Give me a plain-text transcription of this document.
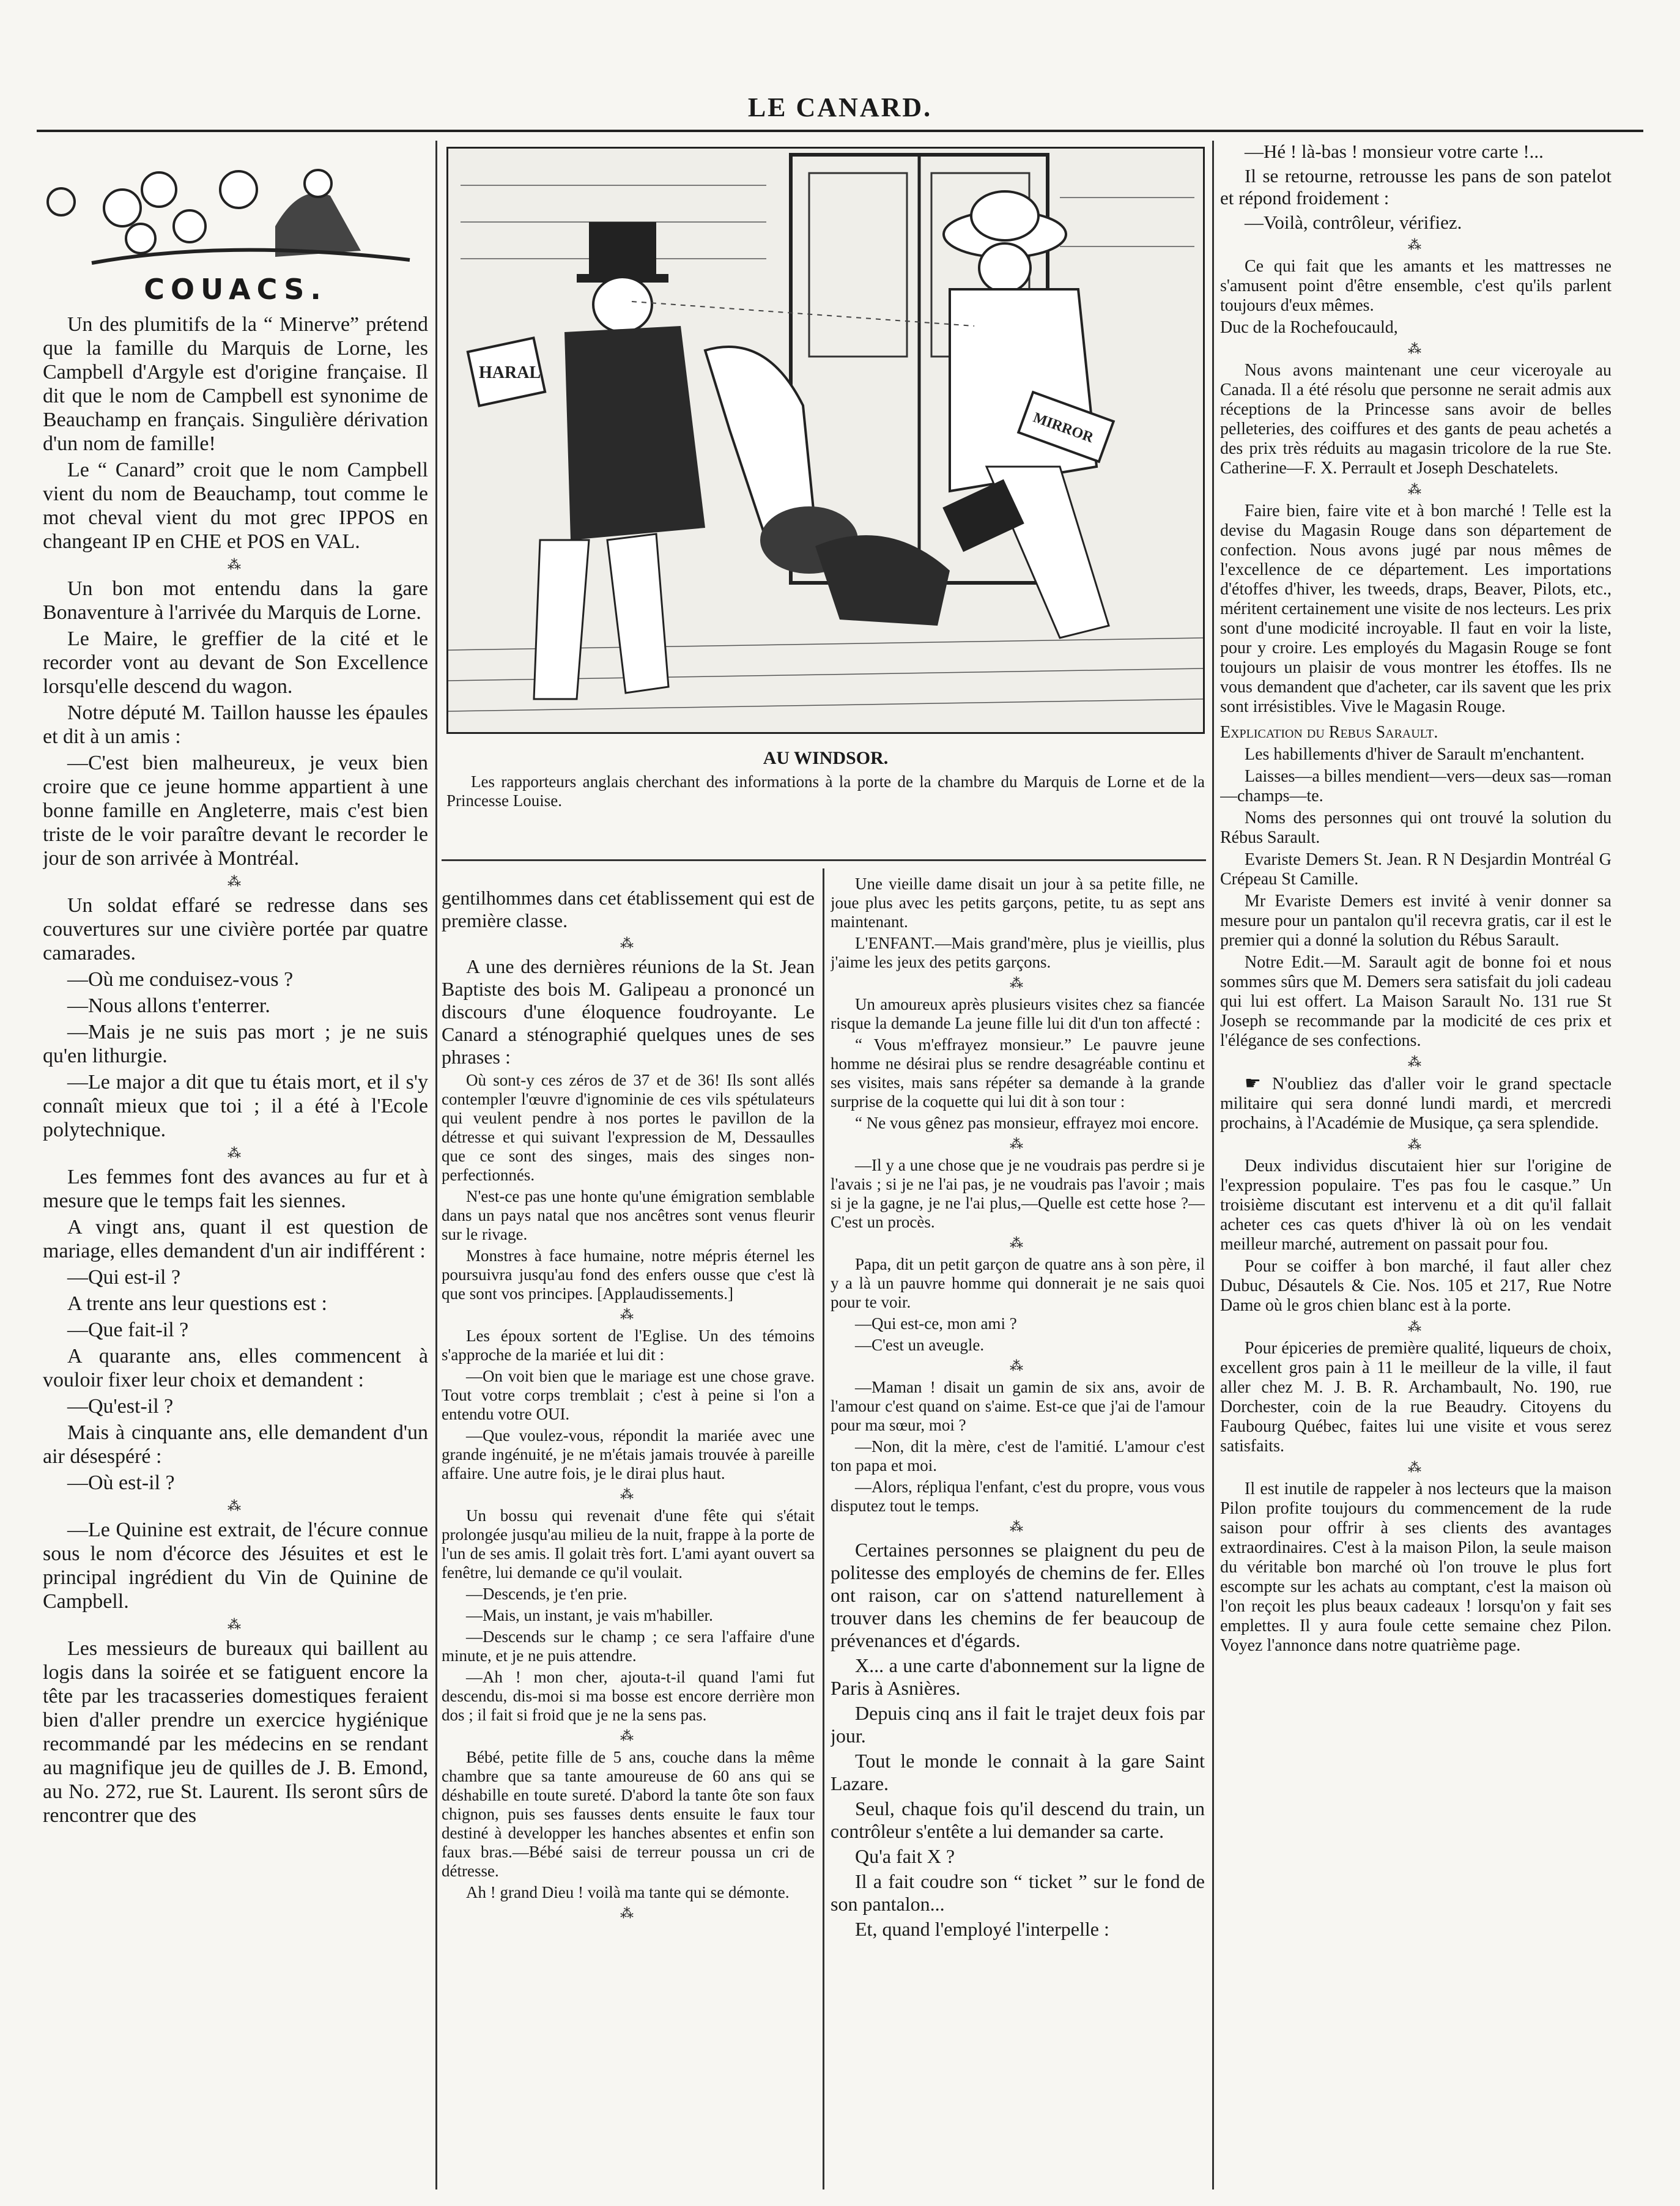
LE CANARD.
HARAL
MIRROR
AU WINDSOR.

Les rapporteurs anglais cherchant des informations à la porte de la chambre du Marquis de Lorne et de la Princesse Louise.

COUACS.

Un des plumitifs de la “ Minerve” prétend que la famille du Marquis de Lorne, les Campbell d'Argyle est d'origine française. Il dit que le nom de Campbell est synonime de Beauchamp en français. Singulière dérivation d'un nom de famille!

Le “ Canard” croit que le nom Campbell vient du nom de Beauchamp, tout comme le mot cheval vient du mot grec IPPOS en changeant IP en CHE et POS en VAL.

⁂

Un bon mot entendu dans la gare Bonaventure à l'arrivée du Marquis de Lorne.

Le Maire, le greffier de la cité et le recorder vont au devant de Son Excellence lorsqu'elle descend du wagon.

Notre député M. Taillon hausse les épaules et dit à un amis :

—C'est bien malheureux, je veux bien croire que ce jeune homme appartient à une bonne famille en Angleterre, mais c'est bien triste de le voir paraître devant le recorder le jour de son arrivée à Montréal.

⁂

Un soldat effaré se redresse dans ses couvertures sur une civière portée par quatre camarades.

—Où me conduisez-vous ?

—Nous allons t'enterrer.

—Mais je ne suis pas mort ; je ne suis qu'en lithurgie.

—Le major a dit que tu étais mort, et il s'y connaît mieux que toi ; il a été à l'Ecole polytechnique.

⁂

Les femmes font des avances au fur et à mesure que le temps fait les siennes.

A vingt ans, quant il est question de mariage, elles demandent d'un air indifférent :

—Qui est-il ?

A trente ans leur questions est :

—Que fait-il ?

A quarante ans, elles commencent à vouloir fixer leur choix et demandent :

—Qu'est-il ?

Mais à cinquante ans, elle demandent d'un air désespéré :

—Où est-il ?

⁂

—Le Quinine est extrait, de l'écure connue sous le nom d'écorce des Jésuites et est le principal ingrédient du Vin de Quinine de Campbell.

⁂

Les messieurs de bureaux qui baillent au logis dans la soirée et se fatiguent encore la tête par les tracasseries domestiques feraient bien d'aller prendre un exercice hygiénique recommandé par les médecins en se rendant au magnifique jeu de quilles de J. B. Emond, au No. 272, rue St. Laurent. Ils seront sûrs de rencontrer que des

gentilhommes dans cet établissement qui est de première classe.

⁂

A une des dernières réunions de la St. Jean Baptiste des bois M. Galipeau a prononcé un discours d'une éloquence foudroyante. Le Canard a sténographié quelques unes de ses phrases :

Où sont-y ces zéros de 37 et de 36! Ils sont allés contempler l'œuvre d'ignominie de ces vils spétulateurs qui veulent pendre à nos portes le pavillon de la détresse et qui suivant l'expression de M, Dessaulles que ce sont des singes, mais des singes non-perfectionnés.

N'est-ce pas une honte qu'une émigration semblable dans un pays natal que nos ancêtres sont venus fleurir sur le rivage.

Monstres à face humaine, notre mépris éternel les poursuivra jusqu'au fond des enfers ousse que c'est là que sont vos principes. [Applaudissements.]

⁂

Les époux sortent de l'Eglise. Un des témoins s'approche de la mariée et lui dit :

—On voit bien que le mariage est une chose grave. Tout votre corps tremblait ; c'est à peine si l'on a entendu votre OUI.

—Que voulez-vous, répondit la mariée avec une grande ingénuité, je ne m'étais jamais trouvée à pareille affaire. Une autre fois, je le dirai plus haut.

⁂

Un bossu qui revenait d'une fête qui s'était prolongée jusqu'au milieu de la nuit, frappe à la porte de l'un de ses amis. Il golait très fort. L'ami ayant ouvert sa fenêtre, lui demande ce qu'il voulait.

—Descends, je t'en prie.

—Mais, un instant, je vais m'habiller.

—Descends sur le champ ; ce sera l'affaire d'une minute, et je ne puis attendre.

—Ah ! mon cher, ajouta-t-il quand l'ami fut descendu, dis-moi si ma bosse est encore derrière mon dos ; il fait si froid que je ne la sens pas.

⁂

Bébé, petite fille de 5 ans, couche dans la même chambre que sa tante amoureuse de 60 ans qui se déshabille en toute sureté. D'abord la tante ôte son faux chignon, puis ses fausses dents ensuite le faux tour destiné à developper les hanches absentes et enfin son faux bras.—Bébé saisi de terreur poussa un cri de détresse.

Ah ! grand Dieu ! voilà ma tante qui se démonte.

⁂

Une vieille dame disait un jour à sa petite fille, ne joue plus avec les petits garçons, petite, tu as sept ans maintenant.

L'ENFANT.—Mais grand'mère, plus je vieillis, plus j'aime les jeux des petits garçons.

⁂

Un amoureux après plusieurs visites chez sa fiancée risque la demande La jeune fille lui dit d'un ton affecté :

“ Vous m'effrayez monsieur.” Le pauvre jeune homme ne désirai plus se rendre desagréable continu et ses visites, mais sans répéter sa demande à la grande surprise de la coquette qui lui dit à son tour :

“ Ne vous gênez pas monsieur, effrayez moi encore.

⁂

—Il y a une chose que je ne voudrais pas perdre si je l'avais ; si je ne l'ai pas, je ne voudrais pas l'avoir ; mais si je la gagne, je ne l'ai plus,—Quelle est cette hose ?—C'est un procès.

⁂

Papa, dit un petit garçon de quatre ans à son père, il y a là un pauvre homme qui donnerait je ne sais quoi pour te voir.

—Qui est-ce, mon ami ?

—C'est un aveugle.

⁂

—Maman ! disait un gamin de six ans, avoir de l'amour c'est quand on s'aime. Est-ce que j'ai de l'amour pour ma sœur, moi ?

—Non, dit la mère, c'est de l'amitié. L'amour c'est ton papa et moi.

—Alors, répliqua l'enfant, c'est du propre, vous vous disputez tout le temps.

⁂

Certaines personnes se plaignent du peu de politesse des employés de chemins de fer. Elles ont raison, car on s'attend naturellement à trouver dans les chemins de fer beaucoup de prévenances et d'égards.

X... a une carte d'abonnement sur la ligne de Paris à Asnières.

Depuis cinq ans il fait le trajet deux fois par jour.

Tout le monde le connait à la gare Saint Lazare.

Seul, chaque fois qu'il descend du train, un contrôleur s'entête a lui demander sa carte.

Qu'a fait X ?

Il a fait coudre son “ ticket ” sur le fond de son pantalon...

Et, quand l'employé l'interpelle :

—Hé ! là-bas ! monsieur votre carte !...

Il se retourne, retrousse les pans de son patelot et répond froidement :

—Voilà, contrôleur, vérifiez.

⁂

Ce qui fait que les amants et les mattresses ne s'amusent point d'être ensemble, c'est qu'ils parlent toujours d'eux mêmes.

Duc de la Rochefoucauld,

⁂

Nous avons maintenant une ceur viceroyale au Canada. Il a été résolu que personne ne serait admis aux réceptions de la Princesse sans avoir de belles pelleteries, des coiffures et des gants de peau achetés a des prix très réduits au magasin tricolore de la rue Ste. Catherine—F. X. Perrault et Joseph Deschatelets.

⁂

Faire bien, faire vite et à bon marché ! Telle est la devise du Magasin Rouge dans son département de confection. Nous avons jugé par nous mêmes de l'excellence de ce département. Les importations d'étoffes d'hiver, les tweeds, draps, Beaver, Pilots, etc., méritent certainement une visite de nos lecteurs. Les prix sont d'une modicité incroyable. Il faut en voir la liste, pour y croire. Les employés du Magasin Rouge se font toujours un plaisir de vous montrer les étoffes. Ils ne vous demandent que d'acheter, car ils savent que les prix sont irrésistibles. Vive le Magasin Rouge.

Explication du Rebus Sarault.

Les habillements d'hiver de Sarault m'enchantent.

Laisses—a billes mendient—vers—deux sas—roman—champs—te.

Noms des personnes qui ont trouvé la solution du Rébus Sarault.

Evariste Demers St. Jean. R N Desjardin Montréal G Crépeau St Camille.

Mr Evariste Demers est invité à venir donner sa mesure pour un pantalon qu'il recevra gratis, car il est le premier qui a donné la solution du Rébus Sarault.

Notre Edit.—M. Sarault agit de bonne foi et nous sommes sûrs que M. Demers sera satisfait du joli cadeau qui lui est offert. La Maison Sarault No. 131 rue St Joseph se recommande par la modicité de ces prix et l'élégance de ses confections.

⁂

☛ N'oubliez das d'aller voir le grand spectacle militaire qui sera donné lundi mardi, et mercredi prochains, à l'Académie de Musique, ça sera splendide.

⁂

Deux individus discutaient hier sur l'origine de l'expression populaire. T'es pas fou le casque.” Un troisième discutant est intervenu et a dit qu'il fallait acheter ces cas quets d'hiver là où on les vendait meilleur marché, autrement on passait pour fou.

Pour se coiffer à bon marché, il faut aller chez Dubuc, Désautels & Cie. Nos. 105 et 217, Rue Notre Dame où le gros chien blanc est à la porte.

⁂

Pour épiceries de première qualité, liqueurs de choix, excellent gros pain à 11 le meilleur de la ville, il faut aller chez M. J. B. R. Archambault, No. 190, rue Dorchester, coin de la rue Beaudry. Citoyens du Faubourg Québec, faites lui une visite et vous serez satisfaits.

⁂

Il est inutile de rappeler à nos lecteurs que la maison Pilon profite toujours du commencement de la rude saison pour offrir à ses clients des avantages extraordinaires. C'est à la maison Pilon, la seule maison du véritable bon marché où l'on trouve le plus fort escompte sur les achats au comptant, c'est la maison où l'on reçoit les plus beaux cadeaux ! lorsqu'on y fait ses emplettes. Il y aura foule cette semaine chez Pilon. Voyez l'annonce dans notre quatrième page.
